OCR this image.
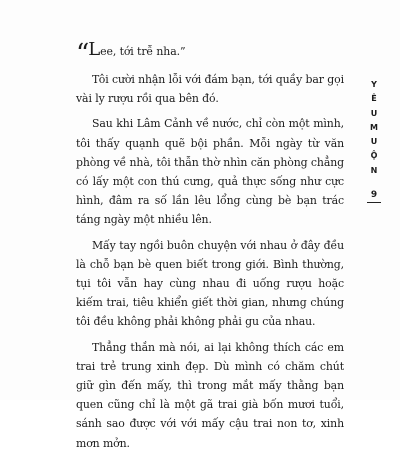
“Lee, tới trễ nha.”

Tôi cười nhận lỗi với đám bạn, tới quầy bar gọi vài ly rượu rồi qua bên đó.

Sau khi Lâm Cảnh về nước, chỉ còn một mình, tôi thấy quạnh quẽ bội phần. Mỗi ngày từ văn phòng về nhà, tôi thẫn thờ nhìn căn phòng chẳng có lấy một con thú cưng, quả thực sống như cực hình, đâm ra số lần lêu lổng cùng bè bạn trác táng ngày một nhiều lên.

Mấy tay ngồi buôn chuyện với nhau ở đây đều là chỗ bạn bè quen biết trong giới. Bình thường, tụi tôi vẫn hay cùng nhau đi uống rượu hoặc kiếm trai, tiêu khiển giết thời gian, nhưng chúng tôi đều không phải không phải gu của nhau.

Thẳng thắn mà nói, ai lại không thích các em trai trẻ trung xinh đẹp. Dù mình có chăm chút giữ gìn đến mấy, thì trong mắt mấy thằng bạn quen cũng chỉ là một gã trai già bốn mươi tuổi, sánh sao được với với mấy cậu trai non tơ, xinh mơn mởn.

Y
Ê
U
M
U
Ộ
N
9
